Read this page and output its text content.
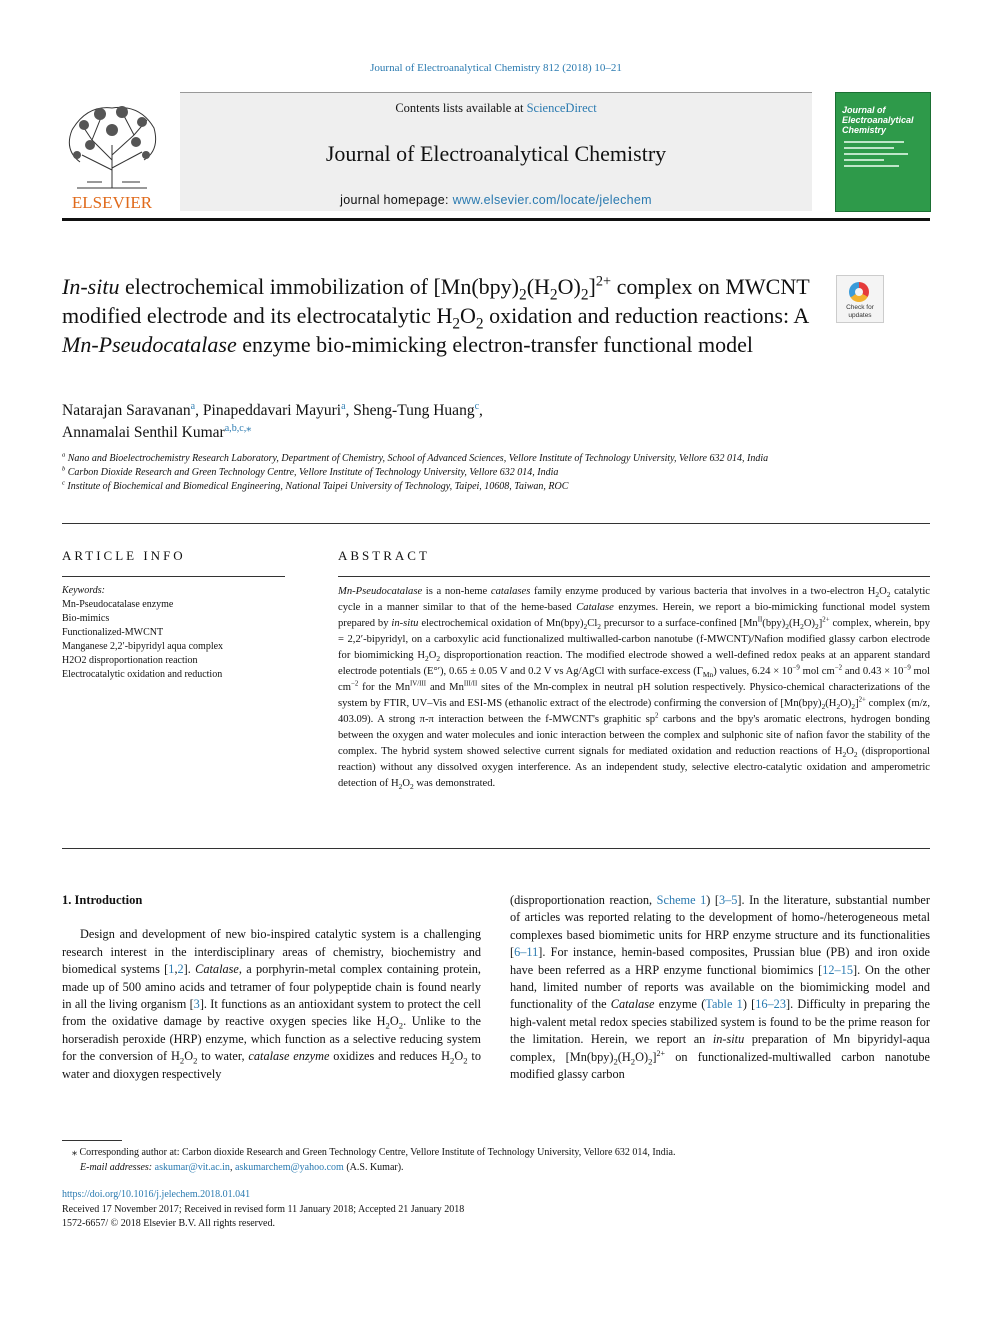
Journal of Electroanalytical Chemistry 812 (2018) 10–21
ELSEVIER
Contents lists available at ScienceDirect
Journal of Electroanalytical Chemistry
journal homepage: www.elsevier.com/locate/jelechem
Journal of Electroanalytical Chemistry
In-situ electrochemical immobilization of $[Mn(bpy)_2(H_2O)_2]^{2+}$ complex on MWCNT modified electrode and its electrocatalytic $H_2O_2$ oxidation and reduction reactions: A Mn-Pseudocatalase enzyme bio-mimicking electron-transfer functional model
Check for updates
Natarajan Saravanan$^a$, Pinapeddavari Mayuri$^a$, Sheng-Tung Huang$^c$,
Annamalai Senthil Kumar$^{a,b,c,⁎}$
$^a$ Nano and Bioelectrochemistry Research Laboratory, Department of Chemistry, School of Advanced Sciences, Vellore Institute of Technology University, Vellore 632 014, India
$^b$ Carbon Dioxide Research and Green Technology Centre, Vellore Institute of Technology University, Vellore 632 014, India
$^c$ Institute of Biochemical and Biomedical Engineering, National Taipei University of Technology, Taipei, 10608, Taiwan, ROC
ARTICLE INFO	ABSTRACT
Keywords:
Mn-Pseudocatalase enzyme
Bio-mimics
Functionalized-MWCNT
Manganese 2,2′-bipyridyl aqua complex
H2O2 disproportionation reaction
Electrocatalytic oxidation and reduction
Mn-Pseudocatalase is a non-heme catalases family enzyme produced by various bacteria that involves in a two-electron $H_2O_2$ catalytic cycle in a manner similar to that of the heme-based Catalase enzymes. Herein, we report a bio-mimicking functional model system prepared by in-situ electrochemical oxidation of $Mn(bpy)_2Cl_2$ precursor to a surface-confined $[Mn^{II}(bpy)_2(H_2O)_2]^{2+}$ complex, wherein, bpy = 2,2′-bipyridyl, on a carboxylic acid functionalized multiwalled-carbon nanotube (f-MWCNT)/Nafion modified glassy carbon electrode for biomimicking $H_2O_2$ disproportionation reaction. The modified electrode showed a well-defined redox peaks at an apparent standard electrode potentials (E°′), 0.65 ± 0.05 V and 0.2 V vs Ag/AgCl with surface-excess $(\Gamma_{Mn})$ values, $6.24 \times 10^{-9}$ mol $cm^{-2}$ and $0.43 \times 10^{-9}$ mol $cm^{-2}$ for the $Mn^{IV/III}$ and $Mn^{III/II}$ sites of the Mn-complex in neutral pH solution respectively. Physico-chemical characterizations of the system by FTIR, UV–Vis and ESI-MS (ethanolic extract of the electrode) confirming the conversion of $[Mn(bpy)_2(H_2O)_2]^{2+}$ complex (m/z, 403.09). A strong π-π interaction between the f-MWCNT's graphitic $sp^2$ carbons and the bpy's aromatic electrons, hydrogen bonding between the oxygen and water molecules and ionic interaction between the complex and sulphonic site of nafion favor the stability of the complex. The hybrid system showed selective current signals for mediated oxidation and reduction reactions of $H_2O_2$ (disproportional reaction) without any dissolved oxygen interference. As an independent study, selective electro-catalytic oxidation and amperometric detection of $H_2O_2$ was demonstrated.
1. Introduction
Design and development of new bio-inspired catalytic system is a challenging research interest in the interdisciplinary areas of chemistry, biochemistry and biomedical systems [1,2]. Catalase, a porphyrin-metal complex containing protein, made up of 500 amino acids and tetramer of four polypeptide chain is found nearly in all the living organism [3]. It functions as an antioxidant system to protect the cell from the oxidative damage by reactive oxygen species like $H_2O_2$. Unlike to the horseradish peroxide (HRP) enzyme, which function as a selective reducing system for the conversion of $H_2O_2$ to water, catalase enzyme oxidizes and reduces $H_2O_2$ to water and dioxygen respectively
(disproportionation reaction, Scheme 1) [3–5]. In the literature, substantial number of articles was reported relating to the development of homo-/heterogeneous metal complexes based biomimetic units for HRP enzyme structure and its functionalities [6–11]. For instance, hemin-based composites, Prussian blue (PB) and iron oxide have been referred as a HRP enzyme functional biomimics [12–15]. On the other hand, limited number of reports was available on the biomimicking model and functionality of the Catalase enzyme (Table 1) [16–23]. Difficulty in preparing the high-valent metal redox species stabilized system is found to be the prime reason for the limitation. Herein, we report an in-situ preparation of Mn bipyridyl-aqua complex, $[Mn(bpy)_2(H_2O)_2]^{2+}$ on functionalized-multiwalled carbon nanotube modified glassy carbon
⁎ Corresponding author at: Carbon dioxide Research and Green Technology Centre, Vellore Institute of Technology University, Vellore 632 014, India.
E-mail addresses: askumar@vit.ac.in, askumarchem@yahoo.com (A.S. Kumar).
https://doi.org/10.1016/j.jelechem.2018.01.041
Received 17 November 2017; Received in revised form 11 January 2018; Accepted 21 January 2018
1572-6657/ © 2018 Elsevier B.V. All rights reserved.
